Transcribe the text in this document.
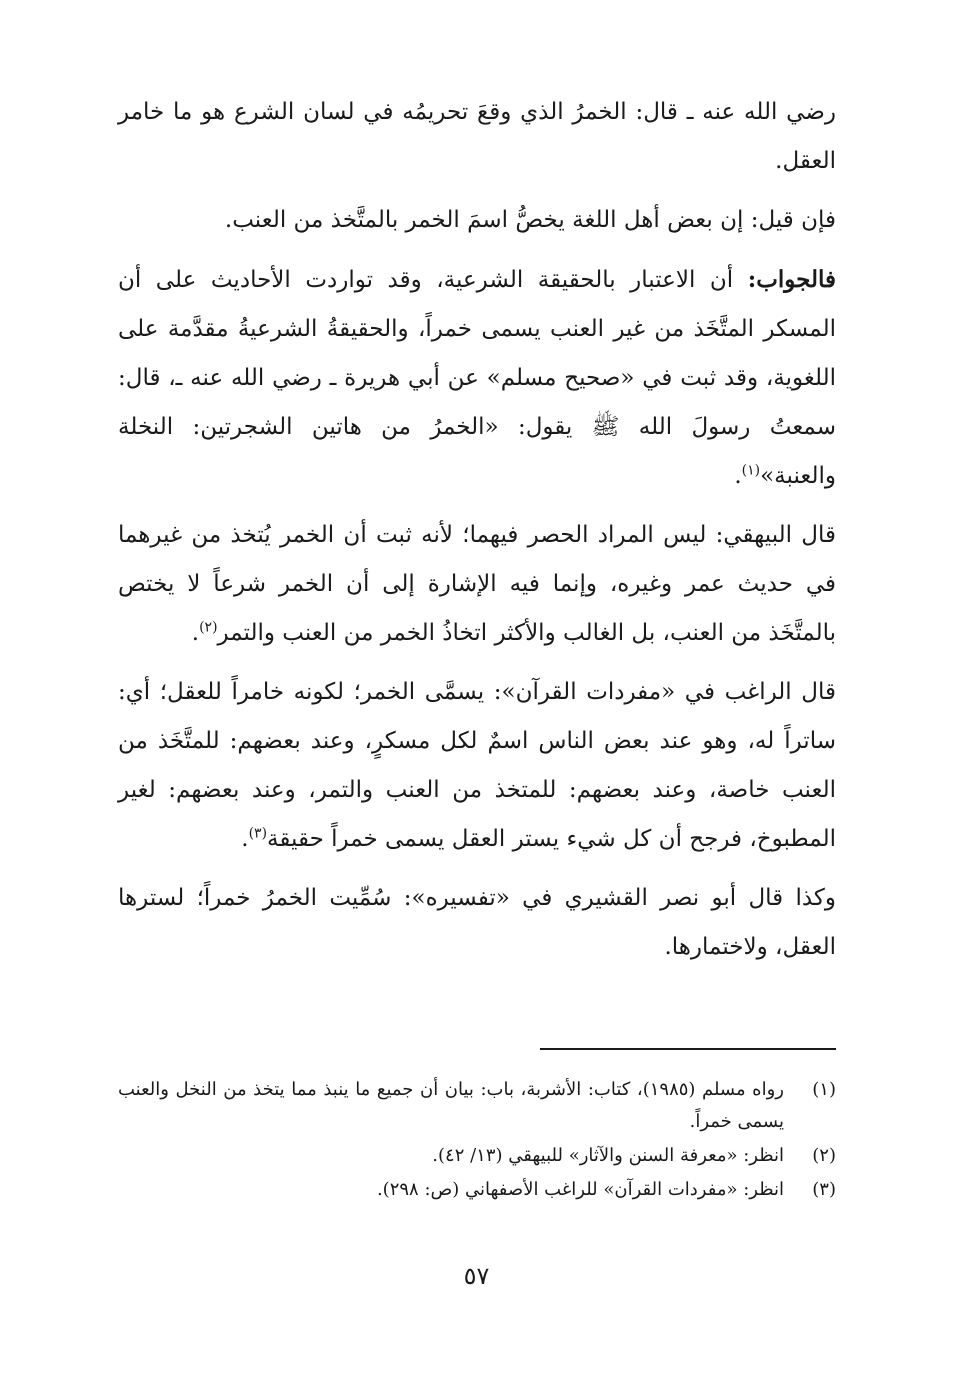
رضي الله عنه ـ قال: الخمرُ الذي وقعَ تحريمُه في لسان الشرع هو ما خامر العقل.

فإن قيل: إن بعض أهل اللغة يخصُّ اسمَ الخمر بالمتَّخذ من العنب.

فالجواب: أن الاعتبار بالحقيقة الشرعية، وقد تواردت الأحاديث على أن المسكر المتَّخَذ من غير العنب يسمى خمراً، والحقيقةُ الشرعيةُ مقدَّمة على اللغوية، وقد ثبت في «صحيح مسلم» عن أبي هريرة ـ رضي الله عنه ـ، قال: سمعتُ رسولَ الله ﷺ يقول: «الخمرُ من هاتين الشجرتين: النخلة والعنبة»$^{(١)}$.

قال البيهقي: ليس المراد الحصر فيهما؛ لأنه ثبت أن الخمر يُتخذ من غيرهما في حديث عمر وغيره، وإنما فيه الإشارة إلى أن الخمر شرعاً لا يختص بالمتَّخَذ من العنب، بل الغالب والأكثر اتخاذُ الخمر من العنب والتمر$^{(٢)}$.

قال الراغب في «مفردات القرآن»: يسمَّى الخمر؛ لكونه خامراً للعقل؛ أي: ساتراً له، وهو عند بعض الناس اسمٌ لكل مسكرٍ، وعند بعضهم: للمتَّخَذ من العنب خاصة، وعند بعضهم: للمتخذ من العنب والتمر، وعند بعضهم: لغير المطبوخ، فرجح أن كل شيء يستر العقل يسمى خمراً حقيقة$^{(٣)}$.

وكذا قال أبو نصر القشيري في «تفسيره»: سُمِّيت الخمرُ خمراً؛ لسترها العقل، ولاختمارها.

(١)
رواه مسلم (١٩٨٥)، كتاب: الأشربة، باب: بيان أن جميع ما ينبذ مما يتخذ من النخل والعنب يسمى خمراً.
(٢)
انظر: «معرفة السنن والآثار» للبيهقي (١٣/ ٤٢).
(٣)
انظر: «مفردات القرآن» للراغب الأصفهاني (ص: ٢٩٨).
٥٧
